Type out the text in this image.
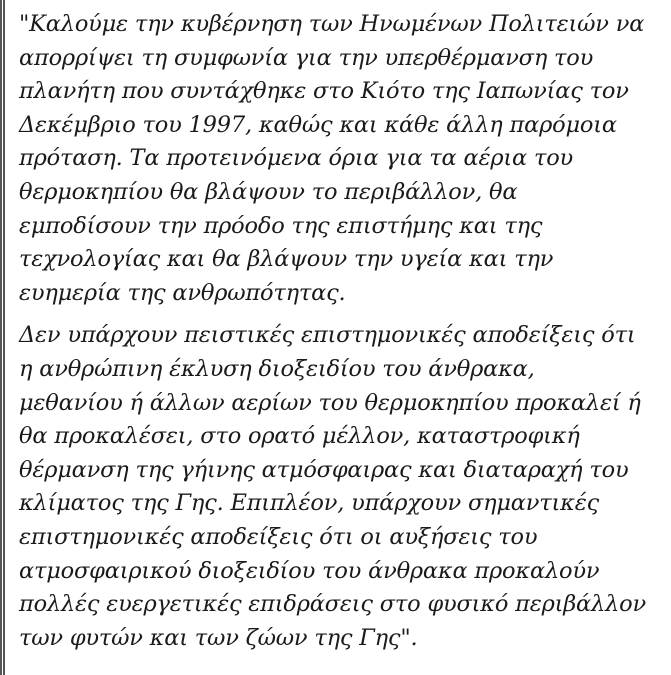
"Καλούμε την κυβέρνηση των Ηνωμένων Πολιτειών να
απορρίψει τη συμφωνία για την υπερθέρμανση του
πλανήτη που συντάχθηκε στο Κιότο της Ιαπωνίας τον
Δεκέμβριο του 1997, καθώς και κάθε άλλη παρόμοια
πρόταση. Τα προτεινόμενα όρια για τα αέρια του
θερμοκηπίου θα βλάψουν το περιβάλλον, θα
εμποδίσουν την πρόοδο της επιστήμης και της
τεχνολογίας και θα βλάψουν την υγεία και την
ευημερία της ανθρωπότητας.

Δεν υπάρχουν πειστικές επιστημονικές αποδείξεις ότι
η ανθρώπινη έκλυση διοξειδίου του άνθρακα,
μεθανίου ή άλλων αερίων του θερμοκηπίου προκαλεί ή
θα προκαλέσει, στο ορατό μέλλον, καταστροφική
θέρμανση της γήινης ατμόσφαιρας και διαταραχή του
κλίματος της Γης. Επιπλέον, υπάρχουν σημαντικές
επιστημονικές αποδείξεις ότι οι αυξήσεις του
ατμοσφαιρικού διοξειδίου του άνθρακα προκαλούν
πολλές ευεργετικές επιδράσεις στο φυσικό περιβάλλον
των φυτών και των ζώων της Γης".
